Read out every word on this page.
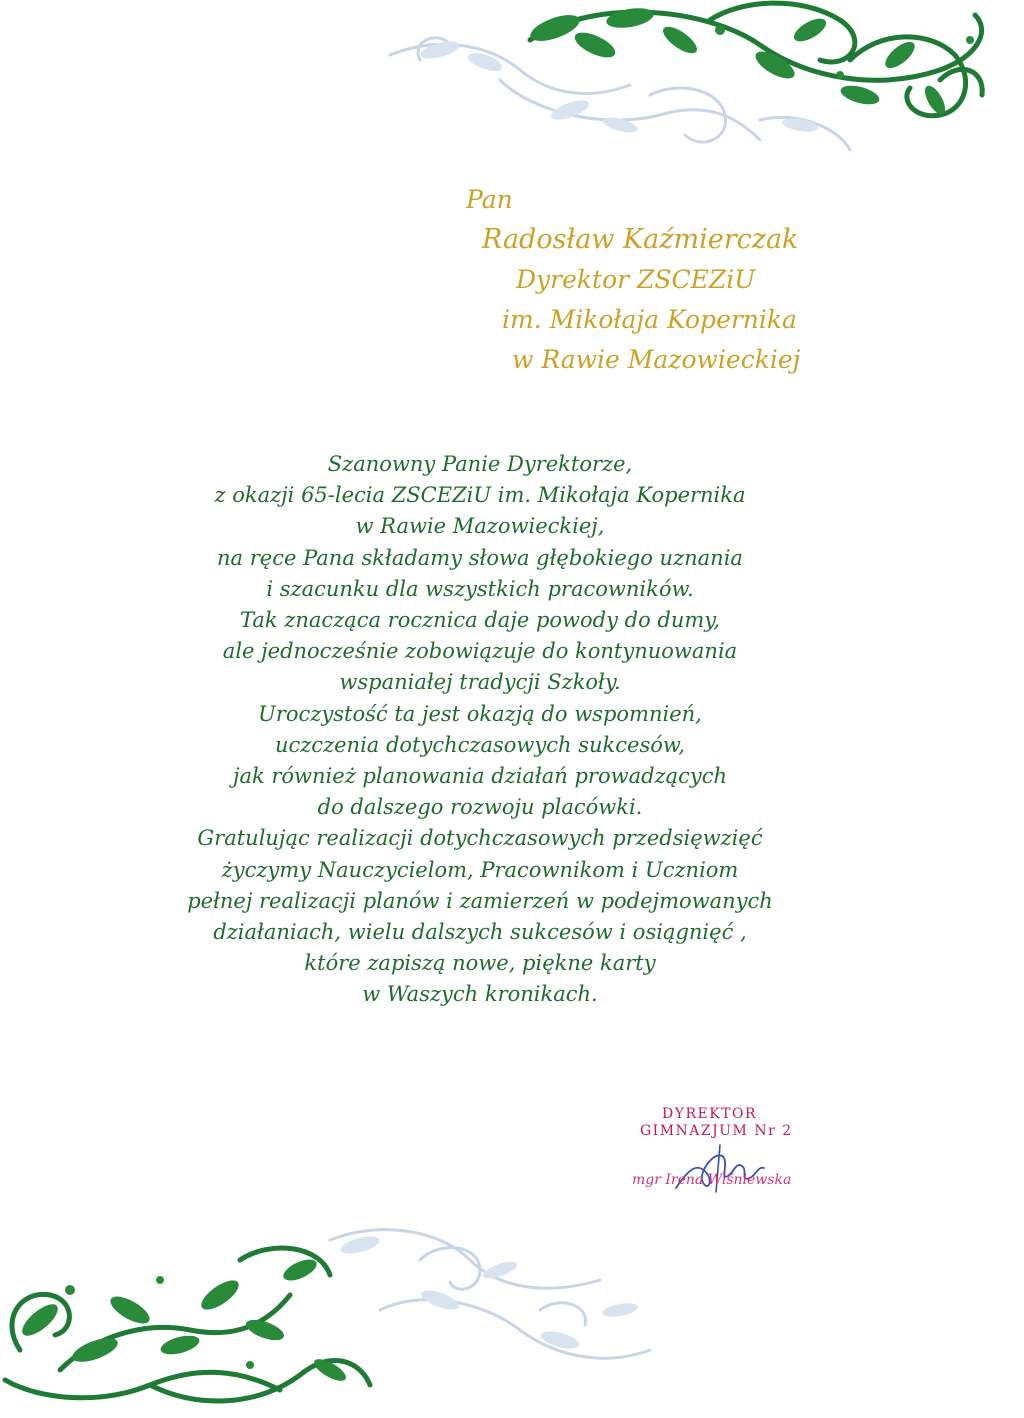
Pan
Radosław Kaźmierczak
Dyrektor ZSCEZiU
im. Mikołaja Kopernika
w Rawie Mazowieckiej
Szanowny Panie Dyrektorze,
z okazji 65-lecia ZSCEZiU im. Mikołaja Kopernika
w Rawie Mazowieckiej,
na ręce Pana składamy słowa głębokiego uznania
i szacunku dla wszystkich pracowników.
Tak znacząca rocznica daje powody do dumy,
ale jednocześnie zobowiązuje do kontynuowania
wspaniałej tradycji Szkoły.
Uroczystość ta jest okazją do wspomnień,
uczczenia dotychczasowych sukcesów,
jak również planowania działań prowadzących
do dalszego rozwoju placówki.
Gratulując realizacji dotychczasowych przedsięwzięć
życzymy Nauczycielom, Pracownikom i Uczniom
pełnej realizacji planów i zamierzeń w podejmowanych
działaniach, wielu dalszych sukcesów i osiągnięć ,
które zapiszą nowe, piękne karty
w Waszych kronikach.
DYREKTOR
GIMNAZJUM Nr 2
mgr Irena Wiśniewska
